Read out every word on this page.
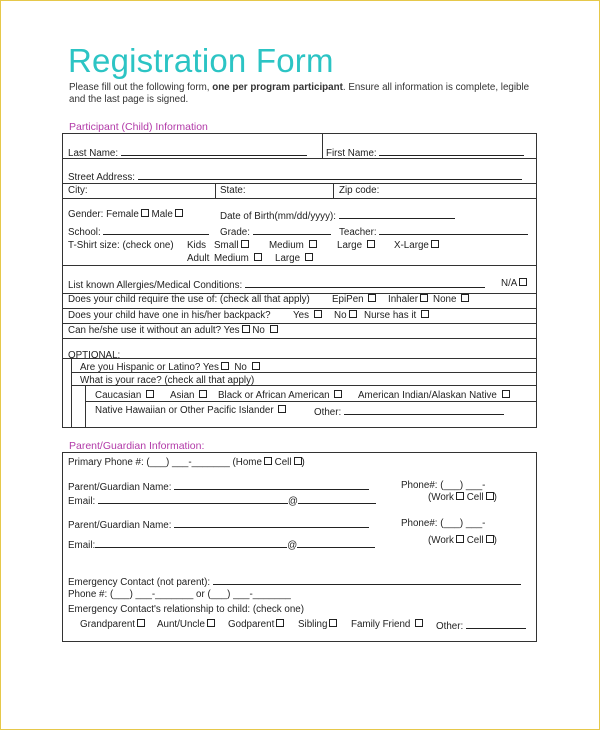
Registration Form
Please fill out the following form, one per program participant. Ensure all information is complete, legible and the last page is signed.
Participant (Child) Information
Last Name:	First Name:
Street Address:
City:	State:	Zip code:
Gender: Female Male	Date of Birth(mm/dd/yyyy):
School:	Grade:	Teacher:
T-Shirt size: (check one) Kids Small	Medium	Large	X-Large
Adult Medium	Large
List known Allergies/Medical Conditions:	N/A
Does your child require the use of: (check all that apply) EpiPen	Inhaler	None
Does your child have one in his/her backpack? Yes	No	Nurse has it
Can he/she use it without an adult? Yes No
OPTIONAL:
Are you Hispanic or Latino? Yes No
What is your race? (check all that apply)
Caucasian	Asian	Black or African American	American Indian/Alaskan Native
Native Hawaiian or Other Pacific Islander	Other:
Parent/Guardian Information:
Primary Phone #: (___) ___-_______ (Home Cell )
Parent/Guardian Name:	Phone#: (___) ___-
(Work Cell )
Email:	@
Parent/Guardian Name:	Phone#: (___) ___-
Email:	@	(Work Cell )
Emergency Contact (not parent):
Phone #: (___) ___-_______ or (___) ___-_______
Emergency Contact's relationship to child: (check one)
Grandparent	Aunt/Uncle	Godparent	Sibling	Family Friend	Other:
